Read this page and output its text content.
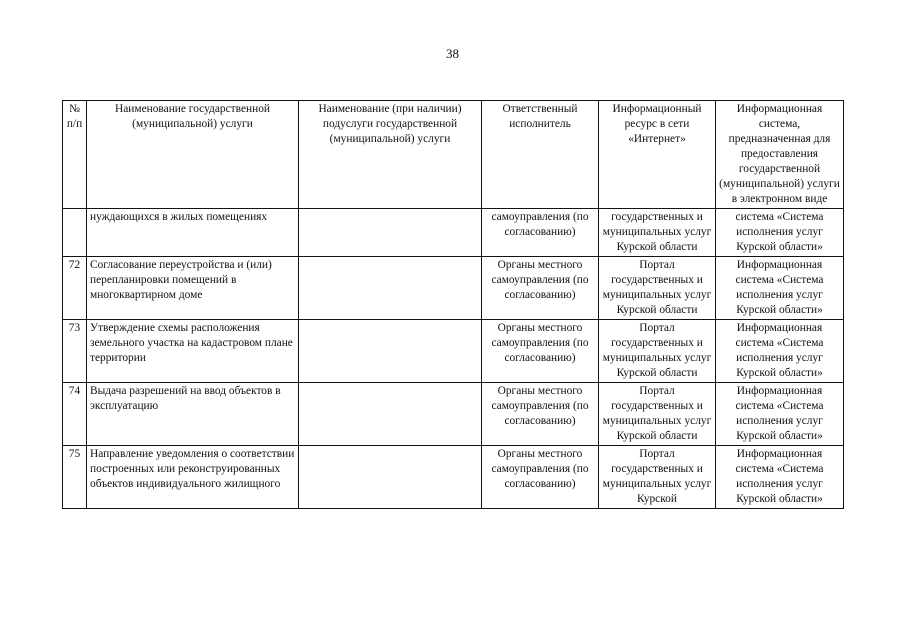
38
№ п/п	Наименование государственной (муниципальной) услуги	Наименование (при наличии) подуслуги государственной (муниципальной) услуги	Ответственный исполнитель	Информационный ресурс в сети «Интернет»	Информационная система, предназначенная для предоставления государственной (муниципальной) услуги в электронном виде
	нуждающихся в жилых помещениях		самоуправления (по согласованию)	государственных и муниципальных услуг Курской области	система «Система исполнения услуг Курской области»
72	Согласование переустройства и (или) перепланировки помещений в многоквартирном доме		Органы местного самоуправления (по согласованию)	Портал государственных и муниципальных услуг Курской области	Информационная система «Система исполнения услуг Курской области»
73	Утверждение схемы расположения земельного участка на кадастровом плане территории		Органы местного самоуправления (по согласованию)	Портал государственных и муниципальных услуг Курской области	Информационная система «Система исполнения услуг Курской области»
74	Выдача разрешений на ввод объектов в эксплуатацию		Органы местного самоуправления (по согласованию)	Портал государственных и муниципальных услуг Курской области	Информационная система «Система исполнения услуг Курской области»
75	Направление уведомления о соответствии построенных или реконструированных объектов индивидуального жилищного		Органы местного самоуправления (по согласованию)	Портал государственных и муниципальных услуг Курской	Информационная система «Система исполнения услуг Курской области»
